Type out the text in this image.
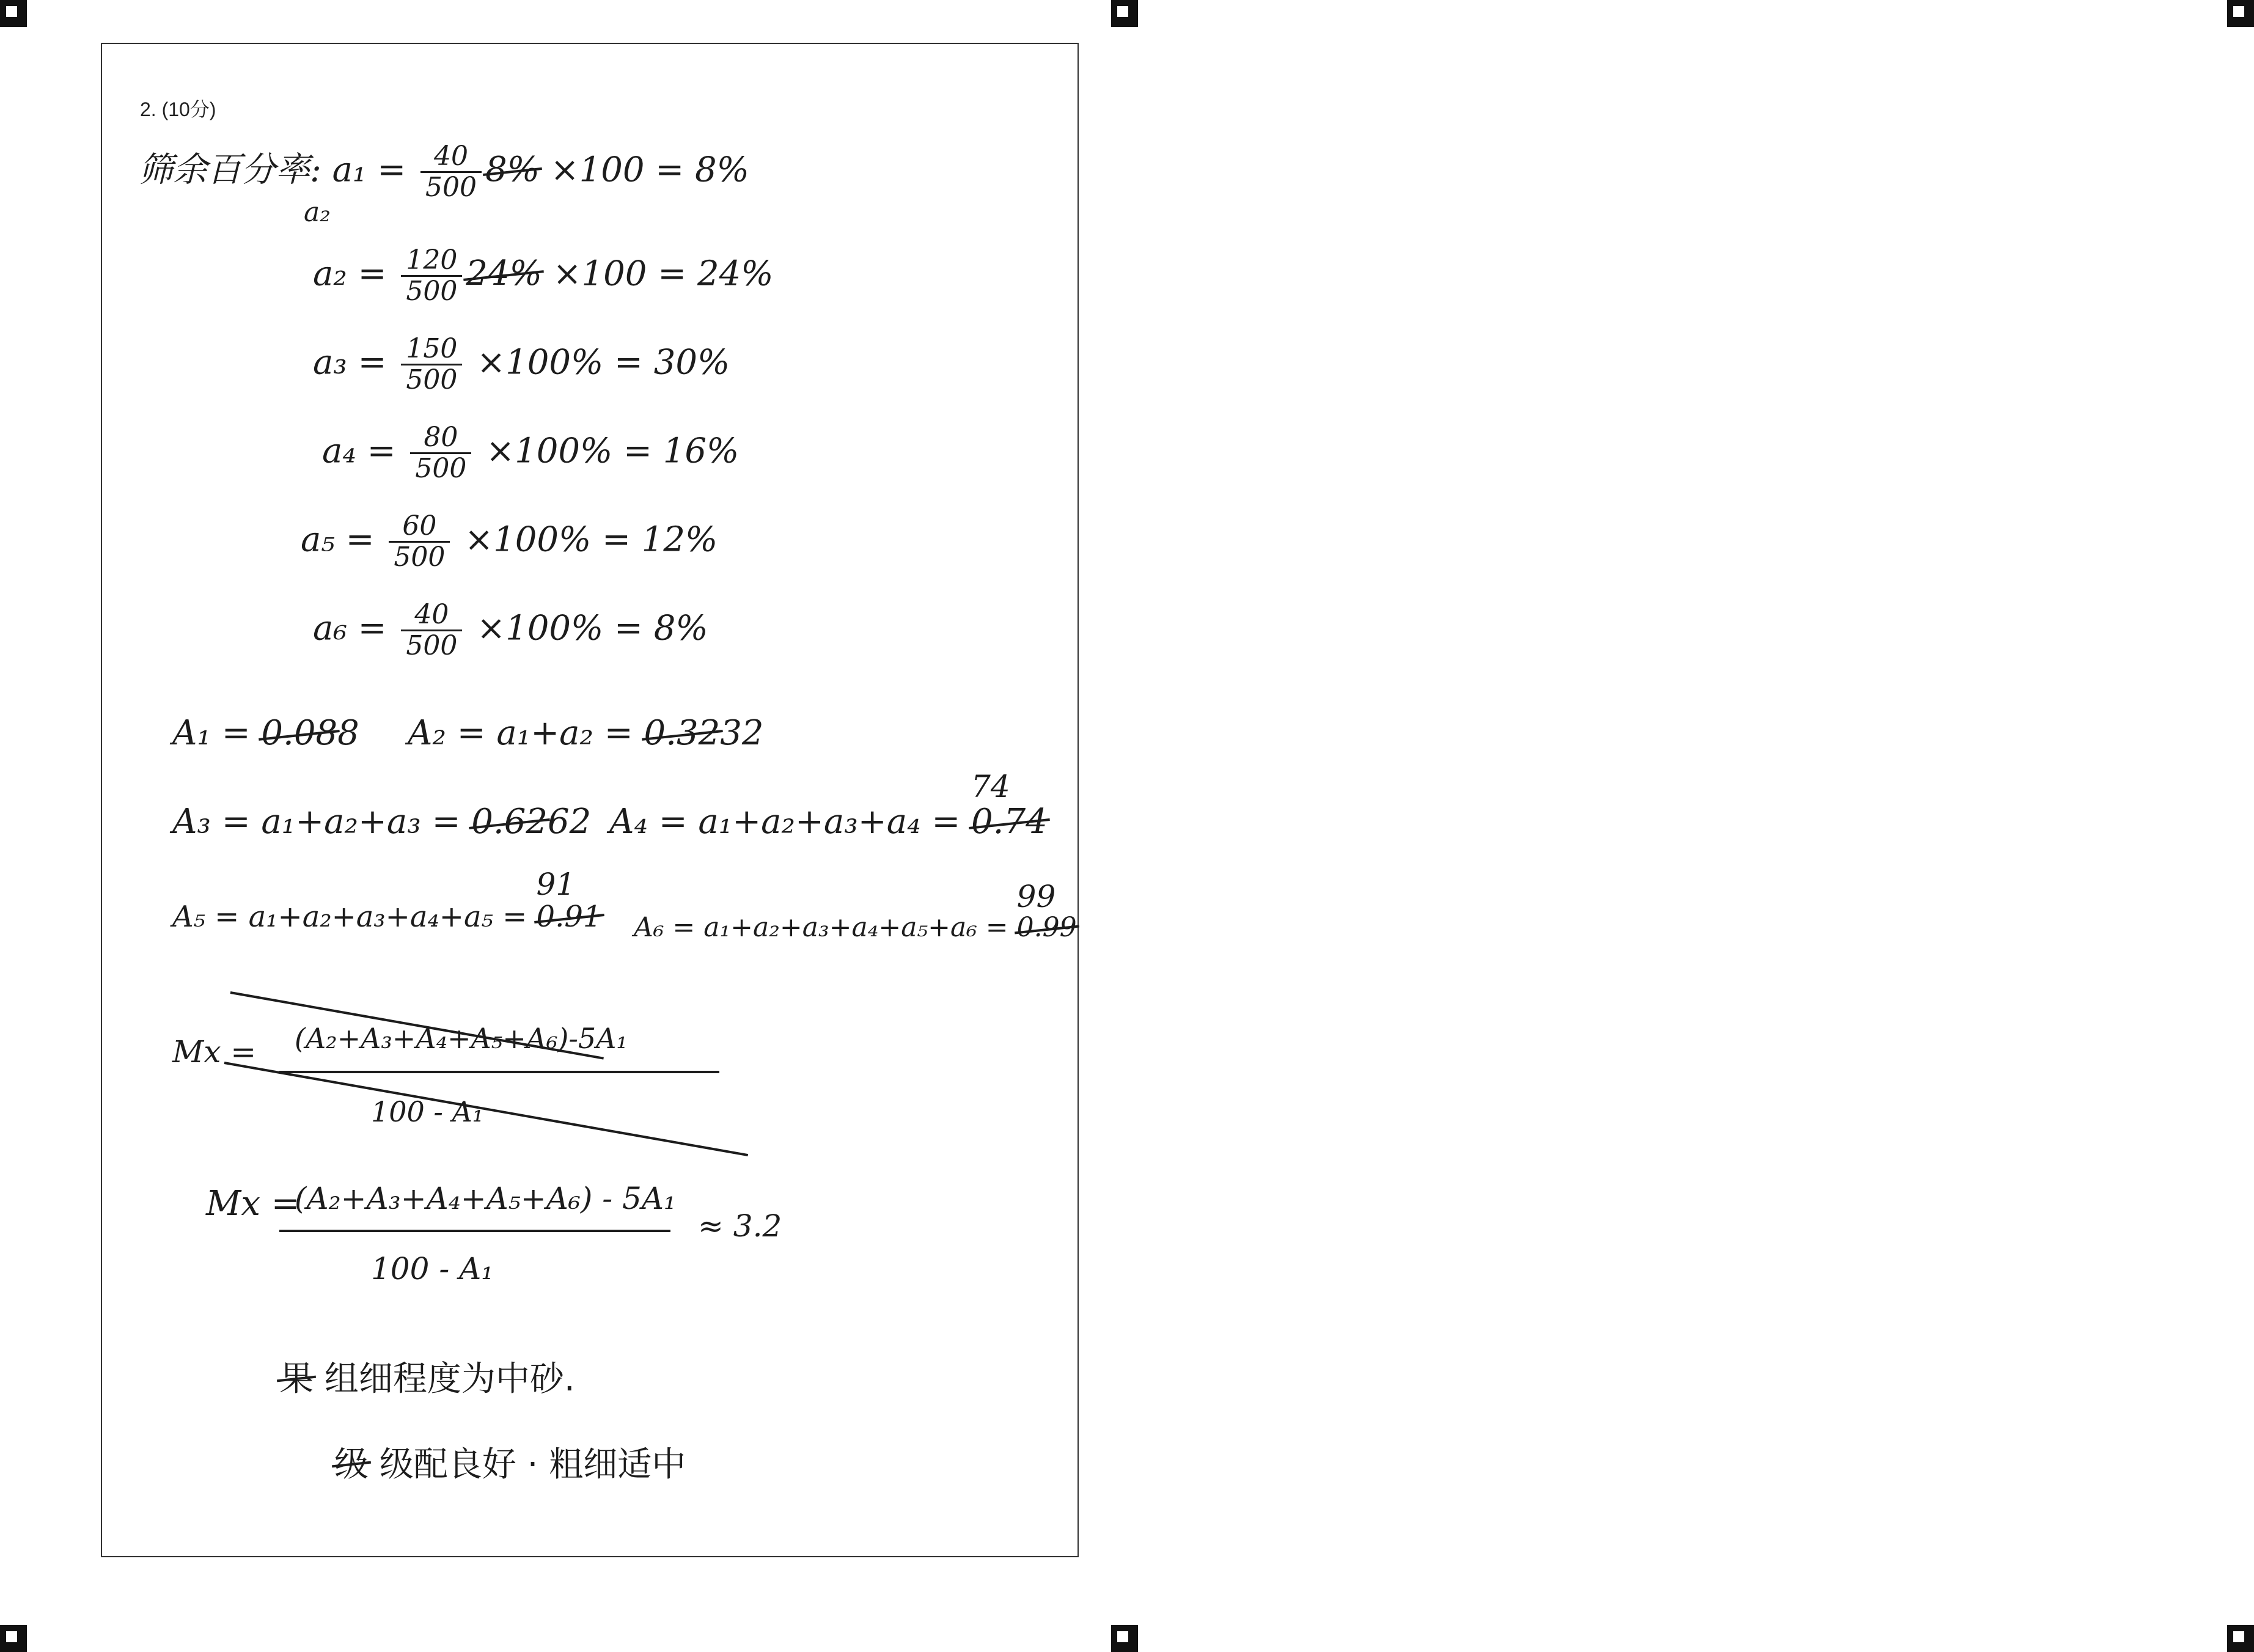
2. (10分)
筛余百分率: $a_1 = \frac{40}{500} 8\% \times 100 = 8\%$
a₂
$a_2 = \frac{120}{500} 24\% \times 100 = 24\%$
$a_3 = \frac{150}{500} \times 100\% = 30\%$
$a_4 = \frac{80}{500} \times 100\% = 16\%$
$a_5 = \frac{60}{500} \times 100\% = 12\%$
$a_6 = \frac{40}{500} \times 100\% = 8\%$
A₁ = 0.088 A₂ = a₁+a₂ = 0.3232
A₃ = a₁+a₂+a₃ = 0.6262 A₄ = a₁+a₂+a₃+a₄ = 0.74
74
A₅ = a₁+a₂+a₃+a₄+a₅ = 0.91
91
A₆ = a₁+a₂+a₃+a₄+a₅+a₆ = 0.99
99
Mx = (A₂+A₃+A₄+A₅+A₆)-5A₁
100 - A₁
Mx =
(A₂+A₃+A₄+A₅+A₆) - 5A₁
100 - A₁
≈ 3.2
果 组细程度为中砂.
级 级配良好 · 粗细适中
